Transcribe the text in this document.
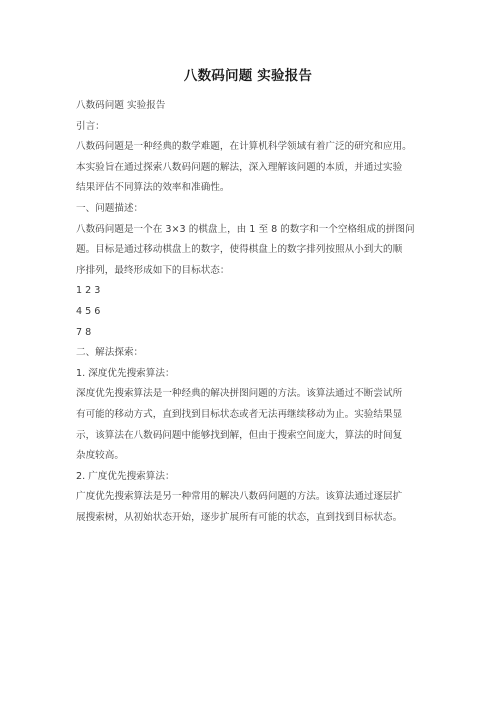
八数码问题 实验报告
八数码问题 实验报告
引言：
八数码问题是一种经典的数学难题，在计算机科学领域有着广泛的研究和应用。
本实验旨在通过探索八数码问题的解法，深入理解该问题的本质，并通过实验
结果评估不同算法的效率和准确性。
一、问题描述：
八数码问题是一个在 3×3 的棋盘上，由 1 至 8 的数字和一个空格组成的拼图问
题。目标是通过移动棋盘上的数字，使得棋盘上的数字排列按照从小到大的顺
序排列，最终形成如下的目标状态：
1 2 3
4 5 6
7 8
二、解法探索：
1. 深度优先搜索算法：
深度优先搜索算法是一种经典的解决拼图问题的方法。该算法通过不断尝试所
有可能的移动方式，直到找到目标状态或者无法再继续移动为止。实验结果显
示，该算法在八数码问题中能够找到解，但由于搜索空间庞大，算法的时间复
杂度较高。
2. 广度优先搜索算法：
广度优先搜索算法是另一种常用的解决八数码问题的方法。该算法通过逐层扩
展搜索树，从初始状态开始，逐步扩展所有可能的状态，直到找到目标状态。
